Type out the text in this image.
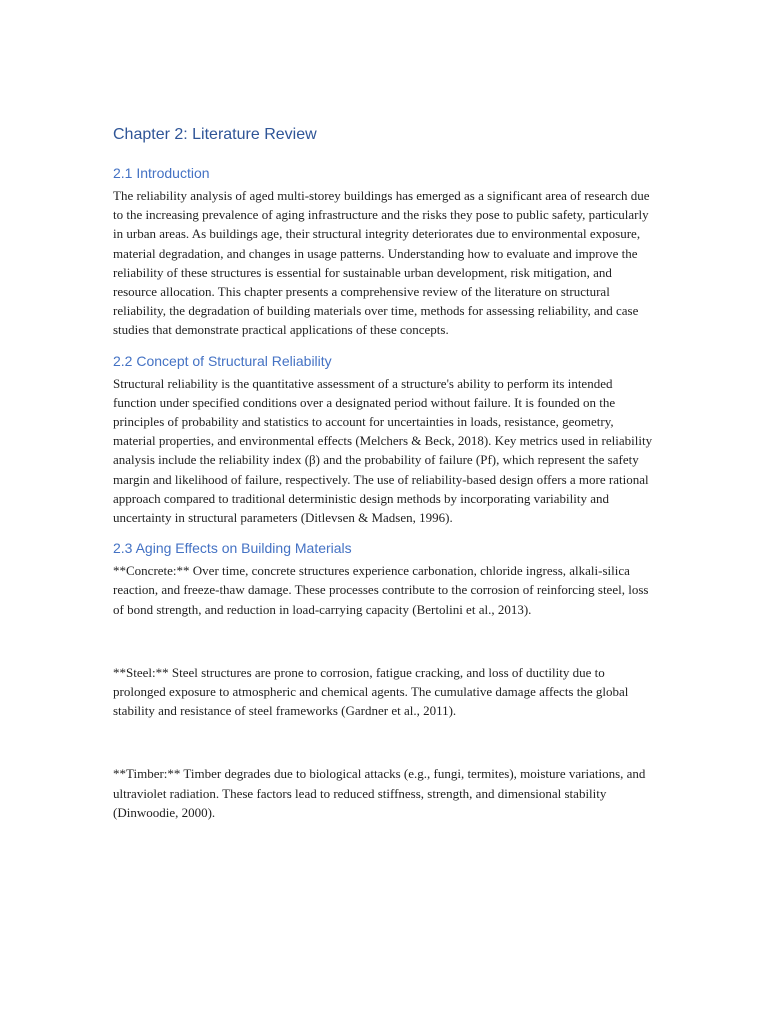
Chapter 2: Literature Review
2.1 Introduction

The reliability analysis of aged multi-storey buildings has emerged as a significant area of research due to the increasing prevalence of aging infrastructure and the risks they pose to public safety, particularly in urban areas. As buildings age, their structural integrity deteriorates due to environmental exposure, material degradation, and changes in usage patterns. Understanding how to evaluate and improve the reliability of these structures is essential for sustainable urban development, risk mitigation, and resource allocation. This chapter presents a comprehensive review of the literature on structural reliability, the degradation of building materials over time, methods for assessing reliability, and case studies that demonstrate practical applications of these concepts.

2.2 Concept of Structural Reliability

Structural reliability is the quantitative assessment of a structure's ability to perform its intended function under specified conditions over a designated period without failure. It is founded on the principles of probability and statistics to account for uncertainties in loads, resistance, geometry, material properties, and environmental effects (Melchers & Beck, 2018). Key metrics used in reliability analysis include the reliability index (β) and the probability of failure (Pf), which represent the safety margin and likelihood of failure, respectively. The use of reliability-based design offers a more rational approach compared to traditional deterministic design methods by incorporating variability and uncertainty in structural parameters (Ditlevsen & Madsen, 1996).

2.3 Aging Effects on Building Materials

**Concrete:** Over time, concrete structures experience carbonation, chloride ingress, alkali-silica reaction, and freeze-thaw damage. These processes contribute to the corrosion of reinforcing steel, loss of bond strength, and reduction in load-carrying capacity (Bertolini et al., 2013).

**Steel:** Steel structures are prone to corrosion, fatigue cracking, and loss of ductility due to prolonged exposure to atmospheric and chemical agents. The cumulative damage affects the global stability and resistance of steel frameworks (Gardner et al., 2011).

**Timber:** Timber degrades due to biological attacks (e.g., fungi, termites), moisture variations, and ultraviolet radiation. These factors lead to reduced stiffness, strength, and dimensional stability (Dinwoodie, 2000).
